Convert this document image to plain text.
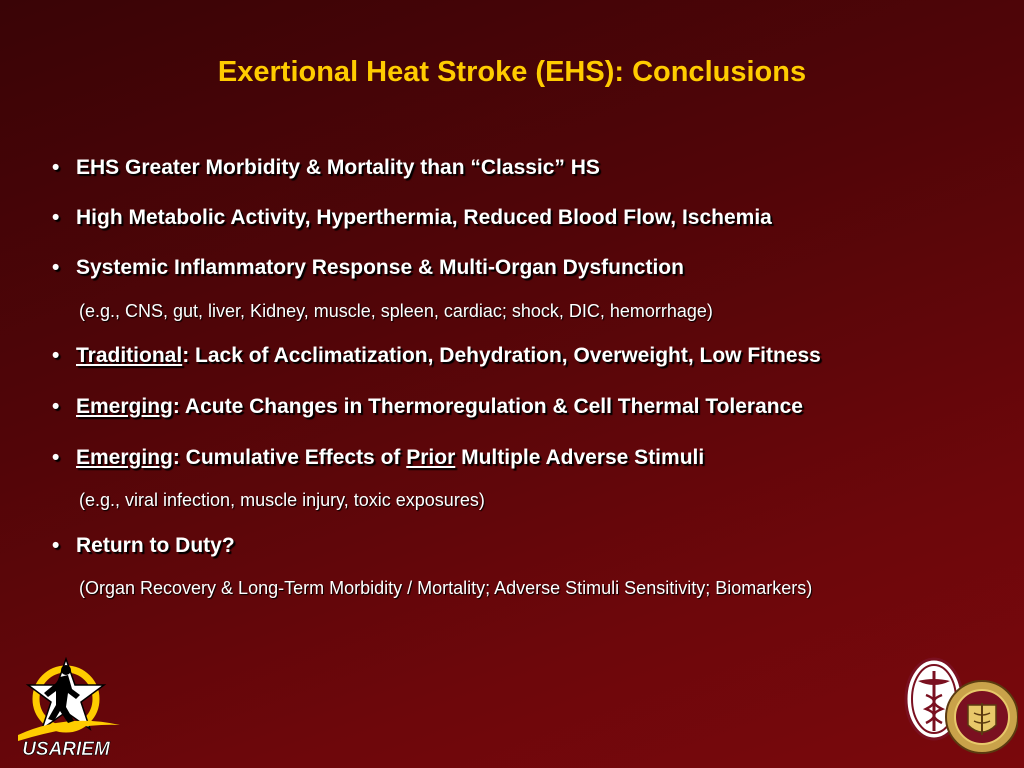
Exertional Heat Stroke (EHS): Conclusions
• EHS Greater Morbidity & Mortality than “Classic” HS
• High Metabolic Activity, Hyperthermia, Reduced Blood Flow, Ischemia
• Systemic Inflammatory Response & Multi-Organ Dysfunction
(e.g., CNS, gut, liver, Kidney, muscle, spleen, cardiac; shock, DIC, hemorrhage)
• Traditional: Lack of Acclimatization, Dehydration, Overweight, Low Fitness
• Emerging: Acute Changes in Thermoregulation & Cell Thermal Tolerance
• Emerging: Cumulative Effects of Prior Multiple Adverse Stimuli
(e.g., viral infection, muscle injury, toxic exposures)
• Return to Duty?
(Organ Recovery & Long-Term Morbidity / Mortality; Adverse Stimuli Sensitivity; Biomarkers)
USARIEM
